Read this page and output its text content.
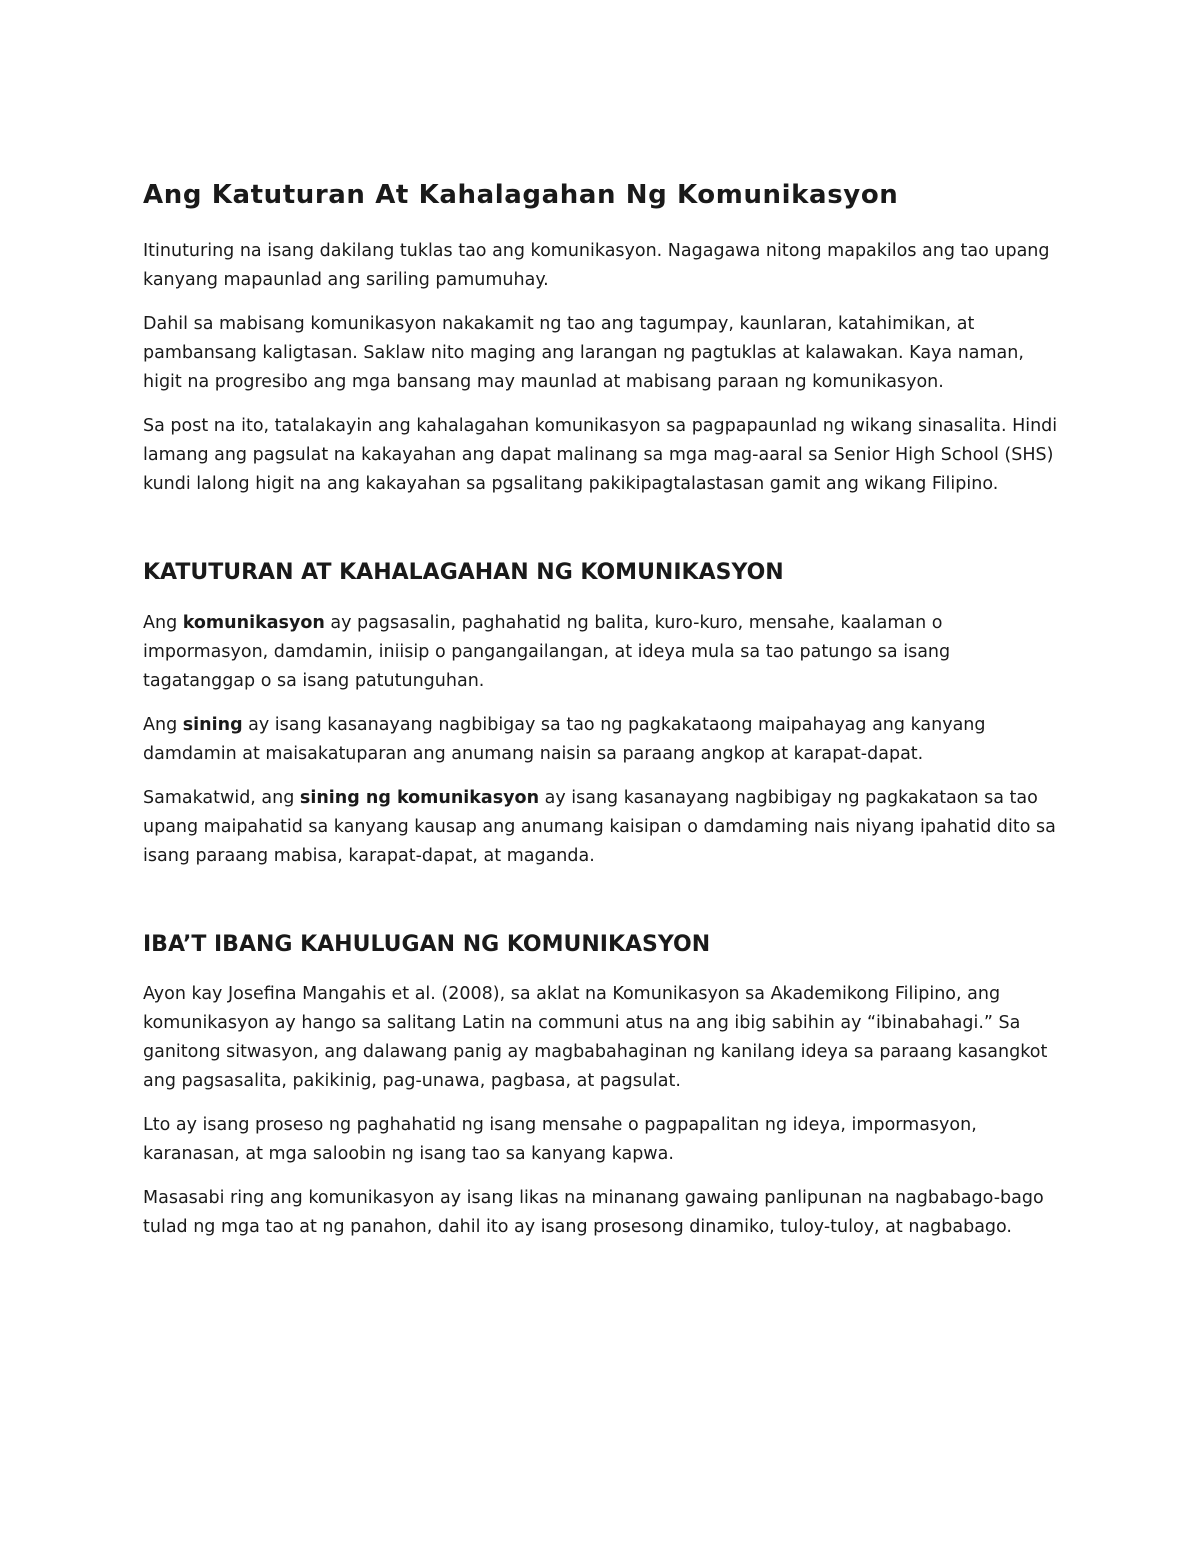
Ang Katuturan At Kahalagahan Ng Komunikasyon

Itinuturing na isang dakilang tuklas tao ang komunikasyon. Nagagawa nitong mapakilos ang tao upang kanyang mapaunlad ang sariling pamumuhay.

Dahil sa mabisang komunikasyon nakakamit ng tao ang tagumpay, kaunlaran, katahimikan, at pambansang kaligtasan. Saklaw nito maging ang larangan ng pagtuklas at kalawakan. Kaya naman, higit na progresibo ang mga bansang may maunlad at mabisang paraan ng komunikasyon.

Sa post na ito, tatalakayin ang kahalagahan komunikasyon sa pagpapaunlad ng wikang sinasalita. Hindi lamang ang pagsulat na kakayahan ang dapat malinang sa mga mag-aaral sa Senior High School (SHS) kundi lalong higit na ang kakayahan sa pgsalitang pakikipagtalastasan gamit ang wikang Filipino.

KATUTURAN AT KAHALAGAHAN NG KOMUNIKASYON

Ang komunikasyon ay pagsasalin, paghahatid ng balita, kuro-kuro, mensahe, kaalaman o impormasyon, damdamin, iniisip o pangangailangan, at ideya mula sa tao patungo sa isang tagatanggap o sa isang patutunguhan.

Ang sining ay isang kasanayang nagbibigay sa tao ng pagkakataong maipahayag ang kanyang damdamin at maisakatuparan ang anumang naisin sa paraang angkop at karapat-dapat.

Samakatwid, ang sining ng komunikasyon ay isang kasanayang nagbibigay ng pagkakataon sa tao upang maipahatid sa kanyang kausap ang anumang kaisipan o damdaming nais niyang ipahatid dito sa isang paraang mabisa, karapat-dapat, at maganda.

IBA’T IBANG KAHULUGAN NG KOMUNIKASYON

Ayon kay Josefina Mangahis et al. (2008), sa aklat na Komunikasyon sa Akademikong Filipino, ang komunikasyon ay hango sa salitang Latin na communi atus na ang ibig sabihin ay “ibinabahagi.” Sa ganitong sitwasyon, ang dalawang panig ay magbabahaginan ng kanilang ideya sa paraang kasangkot ang pagsasalita, pakikinig, pag-unawa, pagbasa, at pagsulat.

Lto ay isang proseso ng paghahatid ng isang mensahe o pagpapalitan ng ideya, impormasyon, karanasan, at mga saloobin ng isang tao sa kanyang kapwa.

Masasabi ring ang komunikasyon ay isang likas na minanang gawaing panlipunan na nagbabago-bago tulad ng mga tao at ng panahon, dahil ito ay isang prosesong dinamiko, tuloy-tuloy, at nagbabago.
